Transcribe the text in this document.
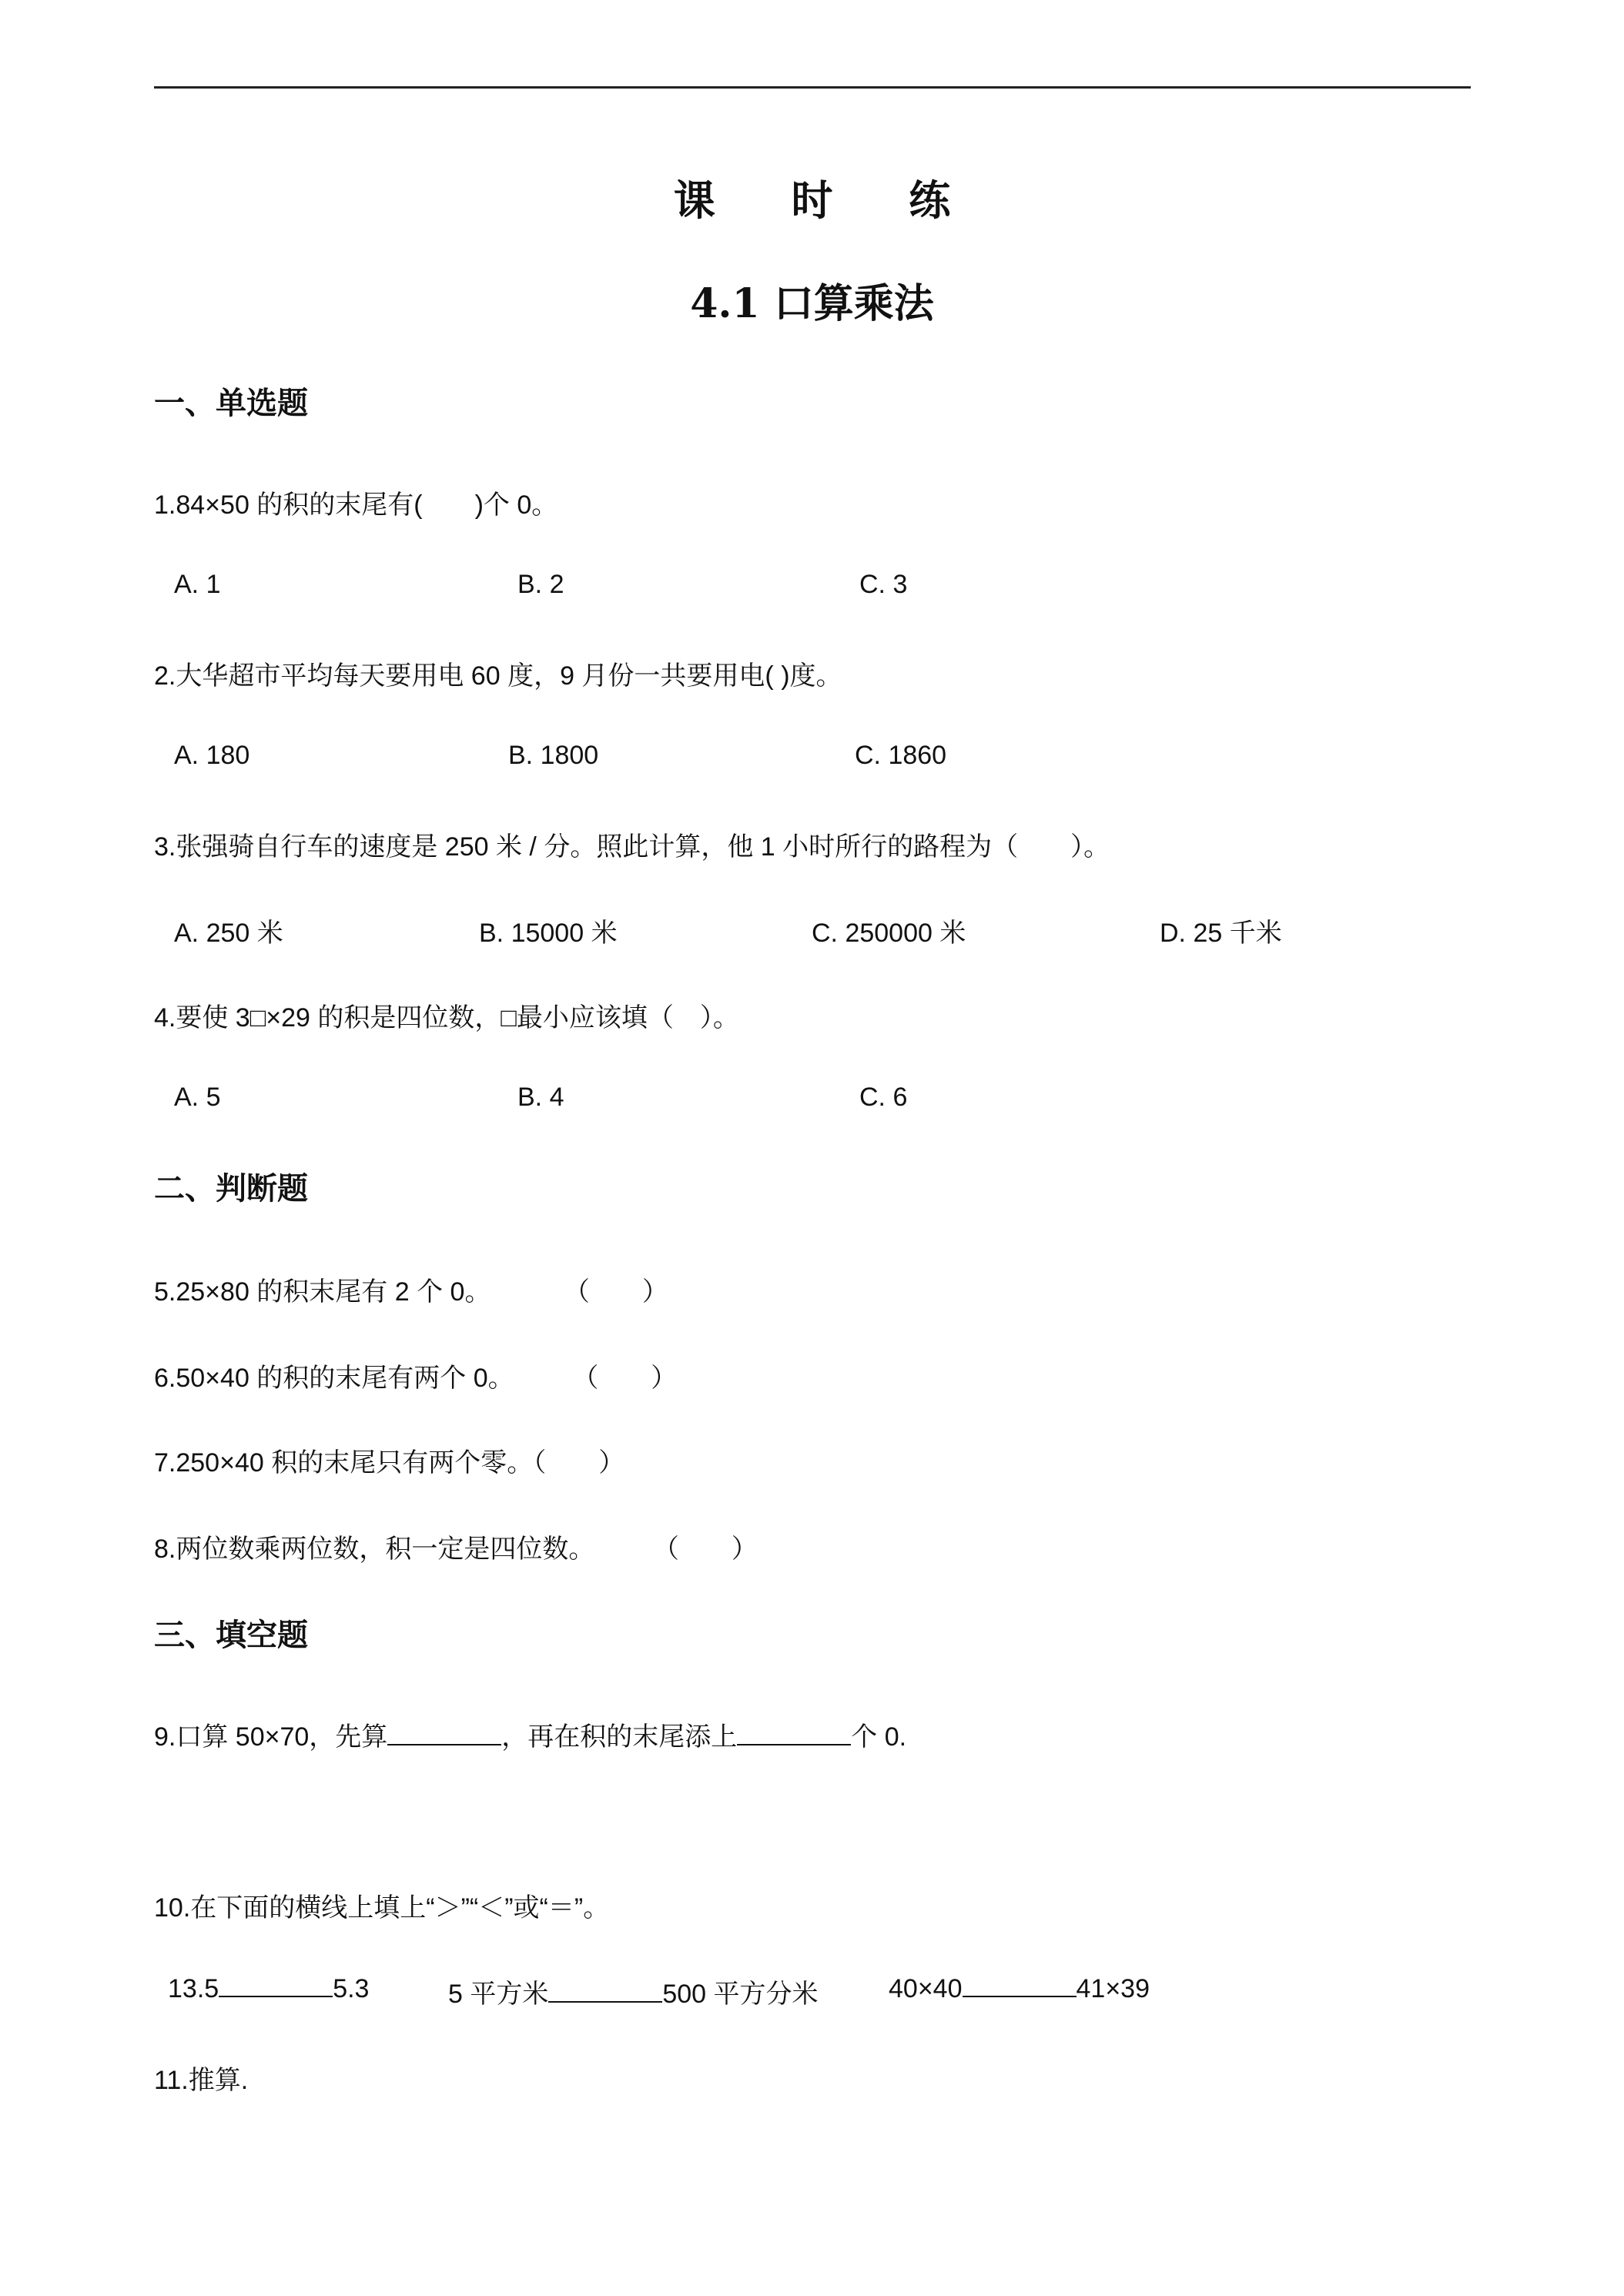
课 时 练
4.1 口算乘法
一、单选题

1.84×50 的积的末尾有(　　)个 0。

A. 1	B. 2	C. 3

2.大华超市平均每天要用电 60 度，9 月份一共要用电( )度。

A. 180	B. 1800	C. 1860

3.张强骑自行车的速度是 250 米 / 分。照此计算，他 1 小时所行的路程为（　　）。

A. 250 米	B. 15000 米	C. 250000 米	D. 25 千米

4.要使 3□×29 的积是四位数，□最小应该填（　）。

A. 5	B. 4	C. 6
二、判断题

5.25×80 的积末尾有 2 个 0。          （　　）

6.50×40 的积的末尾有两个 0。        （　　）

7.250×40 积的末尾只有两个零。（　　）

8.两位数乘两位数，积一定是四位数。        （　　）

三、填空题

9.口算 50×70，先算	，再在积的末尾添上	个 0.

10.在下面的横线上填上“＞”“＜”或“＝”。

13.5	5.3	5 平方米	500 平方分米	40×40	41×39

11.推算.
